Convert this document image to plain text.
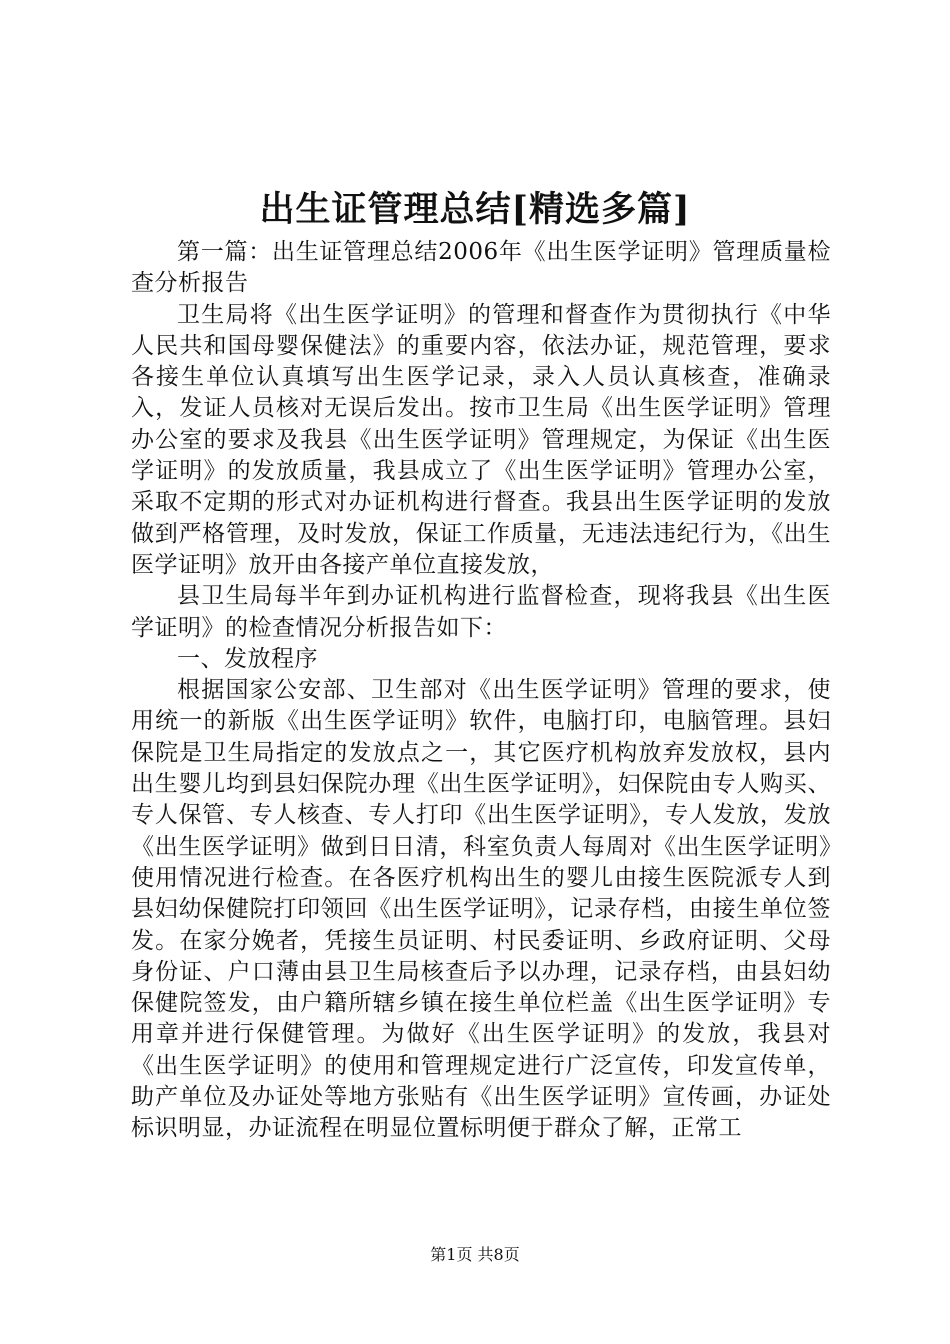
出生证管理总结[精选多篇]

第一篇：出生证管理总结2006年《出生医学证明》管理质量检查分析报告

卫生局将《出生医学证明》的管理和督查作为贯彻执行《中华人民共和国母婴保健法》的重要内容，依法办证，规范管理，要求各接生单位认真填写出生医学记录，录入人员认真核查，准确录入，发证人员核对无误后发出。按市卫生局《出生医学证明》管理办公室的要求及我县《出生医学证明》管理规定，为保证《出生医学证明》的发放质量，我县成立了《出生医学证明》管理办公室，采取不定期的形式对办证机构进行督查。我县出生医学证明的发放做到严格管理，及时发放，保证工作质量，无违法违纪行为，《出生医学证明》放开由各接产单位直接发放，

县卫生局每半年到办证机构进行监督检查，现将我县《出生医学证明》的检查情况分析报告如下：

一、发放程序

根据国家公安部、卫生部对《出生医学证明》管理的要求，使用统一的新版《出生医学证明》软件，电脑打印，电脑管理。县妇保院是卫生局指定的发放点之一，其它医疗机构放弃发放权，县内出生婴儿均到县妇保院办理《出生医学证明》，妇保院由专人购买、专人保管、专人核查、专人打印《出生医学证明》，专人发放，发放《出生医学证明》做到日日清，科室负责人每周对《出生医学证明》使用情况进行检查。在各医疗机构出生的婴儿由接生医院派专人到县妇幼保健院打印领回《出生医学证明》，记录存档，由接生单位签发。在家分娩者，凭接生员证明、村民委证明、乡政府证明、父母身份证、户口薄由县卫生局核查后予以办理，记录存档，由县妇幼保健院签发，由户籍所辖乡镇在接生单位栏盖《出生医学证明》专用章并进行保健管理。为做好《出生医学证明》的发放，我县对《出生医学证明》的使用和管理规定进行广泛宣传，印发宣传单，助产单位及办证处等地方张贴有《出生医学证明》宣传画，办证处标识明显，办证流程在明显位置标明便于群众了解，正常工

第1页 共8页
